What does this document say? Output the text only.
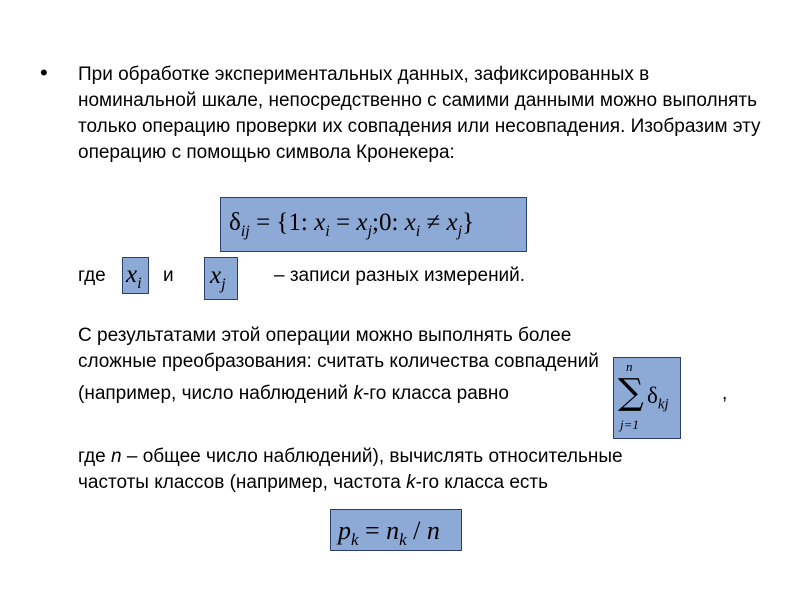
• При обработке экспериментальных данных, зафиксированных в номинальной шкале, непосредственно с самими данными можно выполнять только операцию проверки их совпадения или несовпадения. Изобразим эту операцию с помощью символа Кронекера:

$\delta_{ij} = \{1$: $x_i$ = $x_j;0$: $x_i \ne x_j$}
где $x_i$ и $x_j$	– записи разных измерений.
С результатами этой операции можно выполнять более
сложные преобразования: считать количества совпадений
(например, число наблюдений k-го класса равно	,
n
∑
j=1
$\delta_{kj}$
где n – общее число наблюдений), вычислять относительные
частоты классов (например, частота k-го класса есть
$p_k = n_k / n$
